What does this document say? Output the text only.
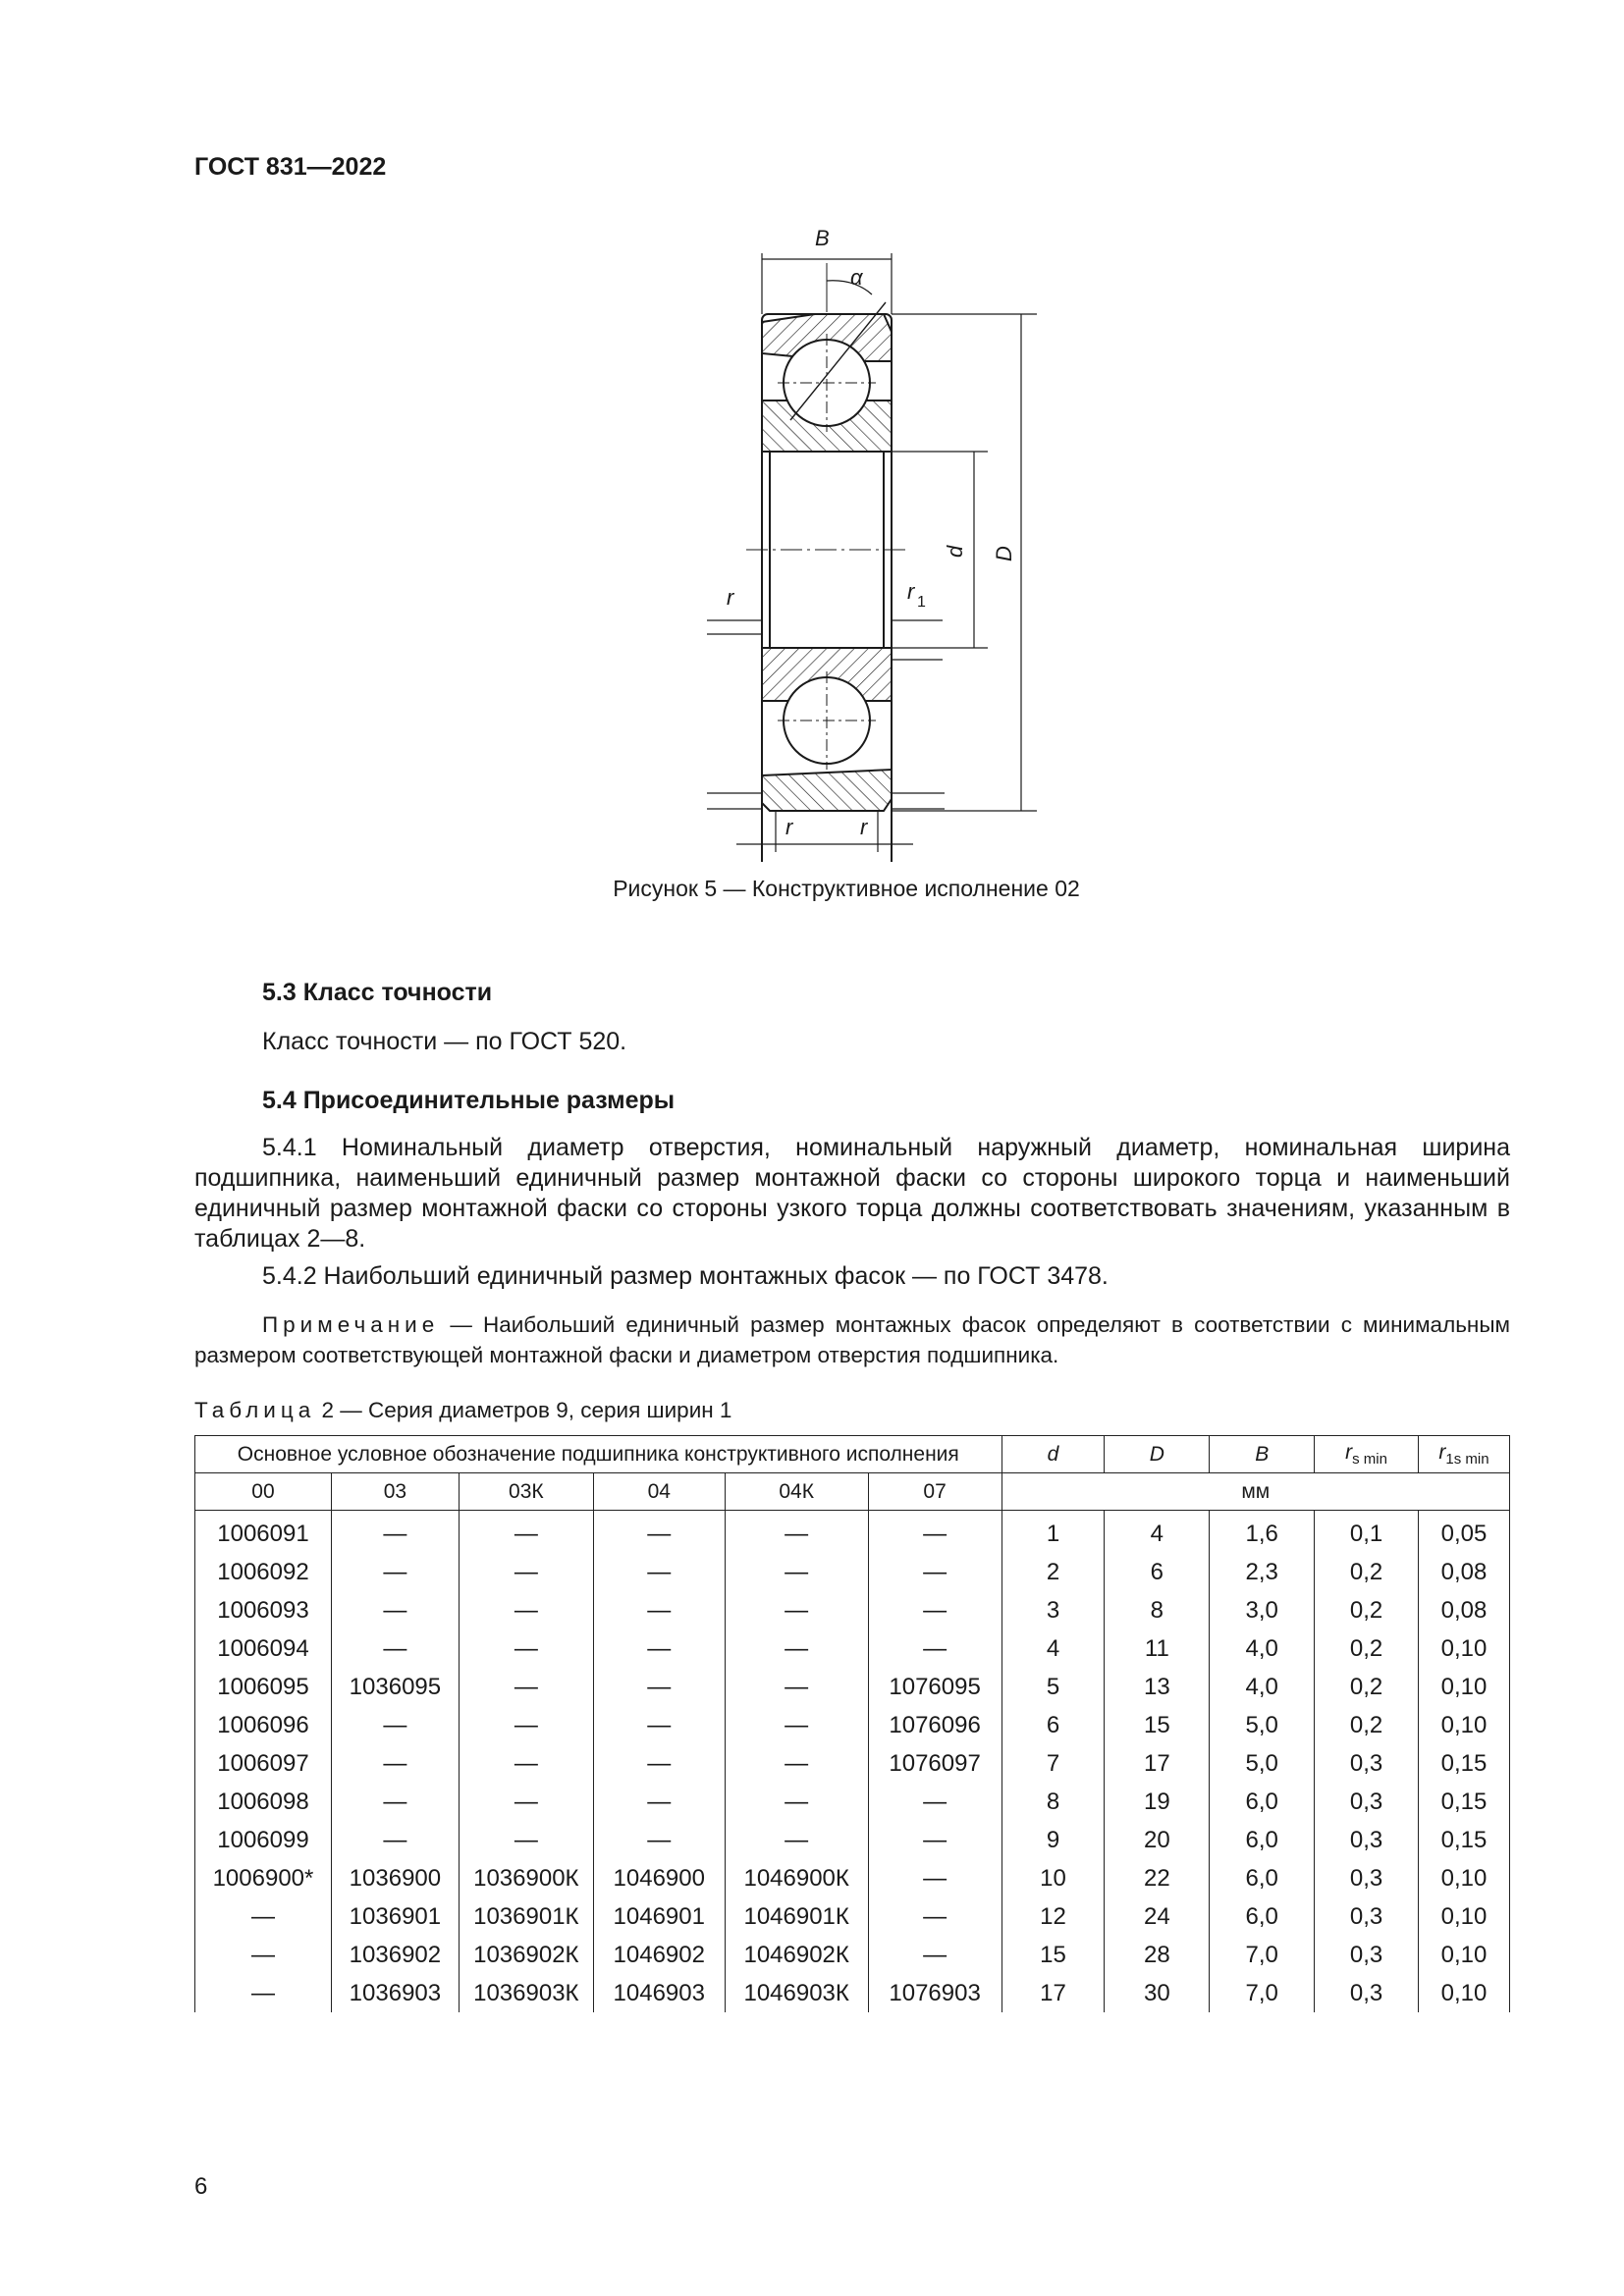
ГОСТ 831—2022
B
α
d D
r	r 1
r	r
Рисунок 5 — Конструктивное исполнение 02
5.3 Класс точности
Класс точности — по ГОСТ 520.
5.4 Присоединительные размеры
5.4.1 Номинальный диаметр отверстия, номинальный наружный диаметр, номинальная ширина подшипника, наименьший единичный размер монтажной фаски со стороны широкого торца и наименьший единичный размер монтажной фаски со стороны узкого торца должны соответствовать значениям, указанным в таблицах 2—8.
5.4.2 Наибольший единичный размер монтажных фасок — по ГОСТ 3478.
Примечание — Наибольший единичный размер монтажных фасок определяют в соответствии с минимальным размером соответствующей монтажной фаски и диаметром отверстия подшипника.
Таблица 2 — Серия диаметров 9, серия ширин 1
Основное условное обозначение подшипника конструктивного исполнения						d	D	B	$r_{s min}$	$r_{1s min}$
00	03	03К	04	04К	07	мм				
1006091	—	—	—	—	—	1	4	1,6	0,1	0,05
1006092	—	—	—	—	—	2	6	2,3	0,2	0,08
1006093	—	—	—	—	—	3	8	3,0	0,2	0,08
1006094	—	—	—	—	—	4	11	4,0	0,2	0,10
1006095	1036095	—	—	—	1076095	5	13	4,0	0,2	0,10
1006096	—	—	—	—	1076096	6	15	5,0	0,2	0,10
1006097	—	—	—	—	1076097	7	17	5,0	0,3	0,15
1006098	—	—	—	—	—	8	19	6,0	0,3	0,15
1006099	—	—	—	—	—	9	20	6,0	0,3	0,15
1006900*	1036900	1036900К	1046900	1046900К	—	10	22	6,0	0,3	0,10
—	1036901	1036901К	1046901	1046901К	—	12	24	6,0	0,3	0,10
—	1036902	1036902К	1046902	1046902К	—	15	28	7,0	0,3	0,10
—	1036903	1036903К	1046903	1046903К	1076903	17	30	7,0	0,3	0,10
6
